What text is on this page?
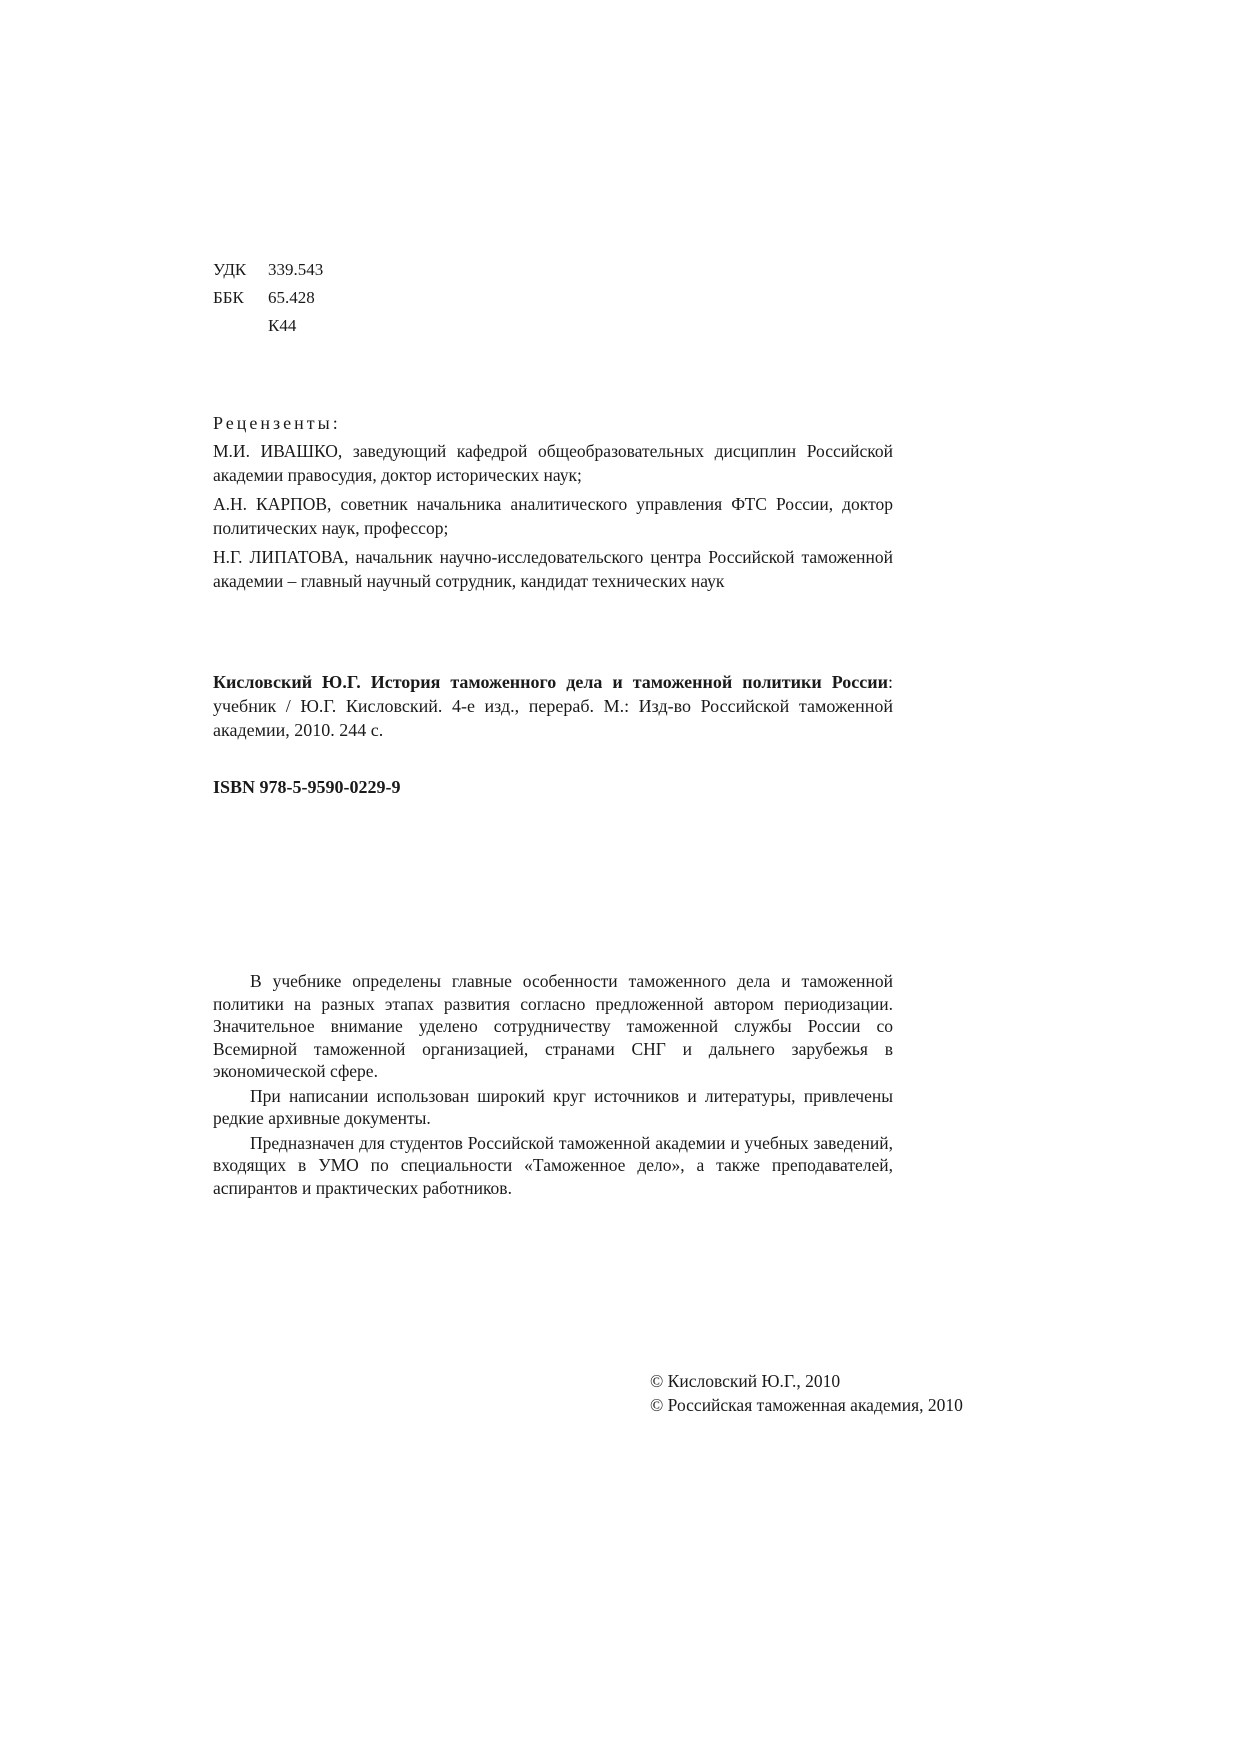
УДК	339.543
ББК	65.428
К44
Рецензенты:
М.И. ИВАШКО, заведующий кафедрой общеобразовательных дисциплин Российской академии правосудия, доктор исторических наук;
А.Н. КАРПОВ, советник начальника аналитического управления ФТС России, доктор политических наук, профессор;
Н.Г. ЛИПАТОВА, начальник научно-исследовательского центра Российской таможенной академии – главный научный сотрудник, кандидат технических наук
Кисловский Ю.Г. История таможенного дела и таможенной политики России: учебник / Ю.Г. Кисловский. 4-е изд., перераб. М.: Изд-во Российской таможенной академии, 2010. 244 с.
ISBN 978-5-9590-0229-9

В учебнике определены главные особенности таможенного дела и таможенной политики на разных этапах развития согласно предложенной автором периодизации. Значительное внимание уделено сотрудничеству таможенной службы России со Всемирной таможенной организацией, странами СНГ и дальнего зарубежья в экономической сфере.

При написании использован широкий круг источников и литературы, привлечены редкие архивные документы.

Предназначен для студентов Российской таможенной академии и учебных заведений, входящих в УМО по специальности «Таможенное дело», а также преподавателей, аспирантов и практических работников.

© Кисловский Ю.Г., 2010
© Российская таможенная академия, 2010
